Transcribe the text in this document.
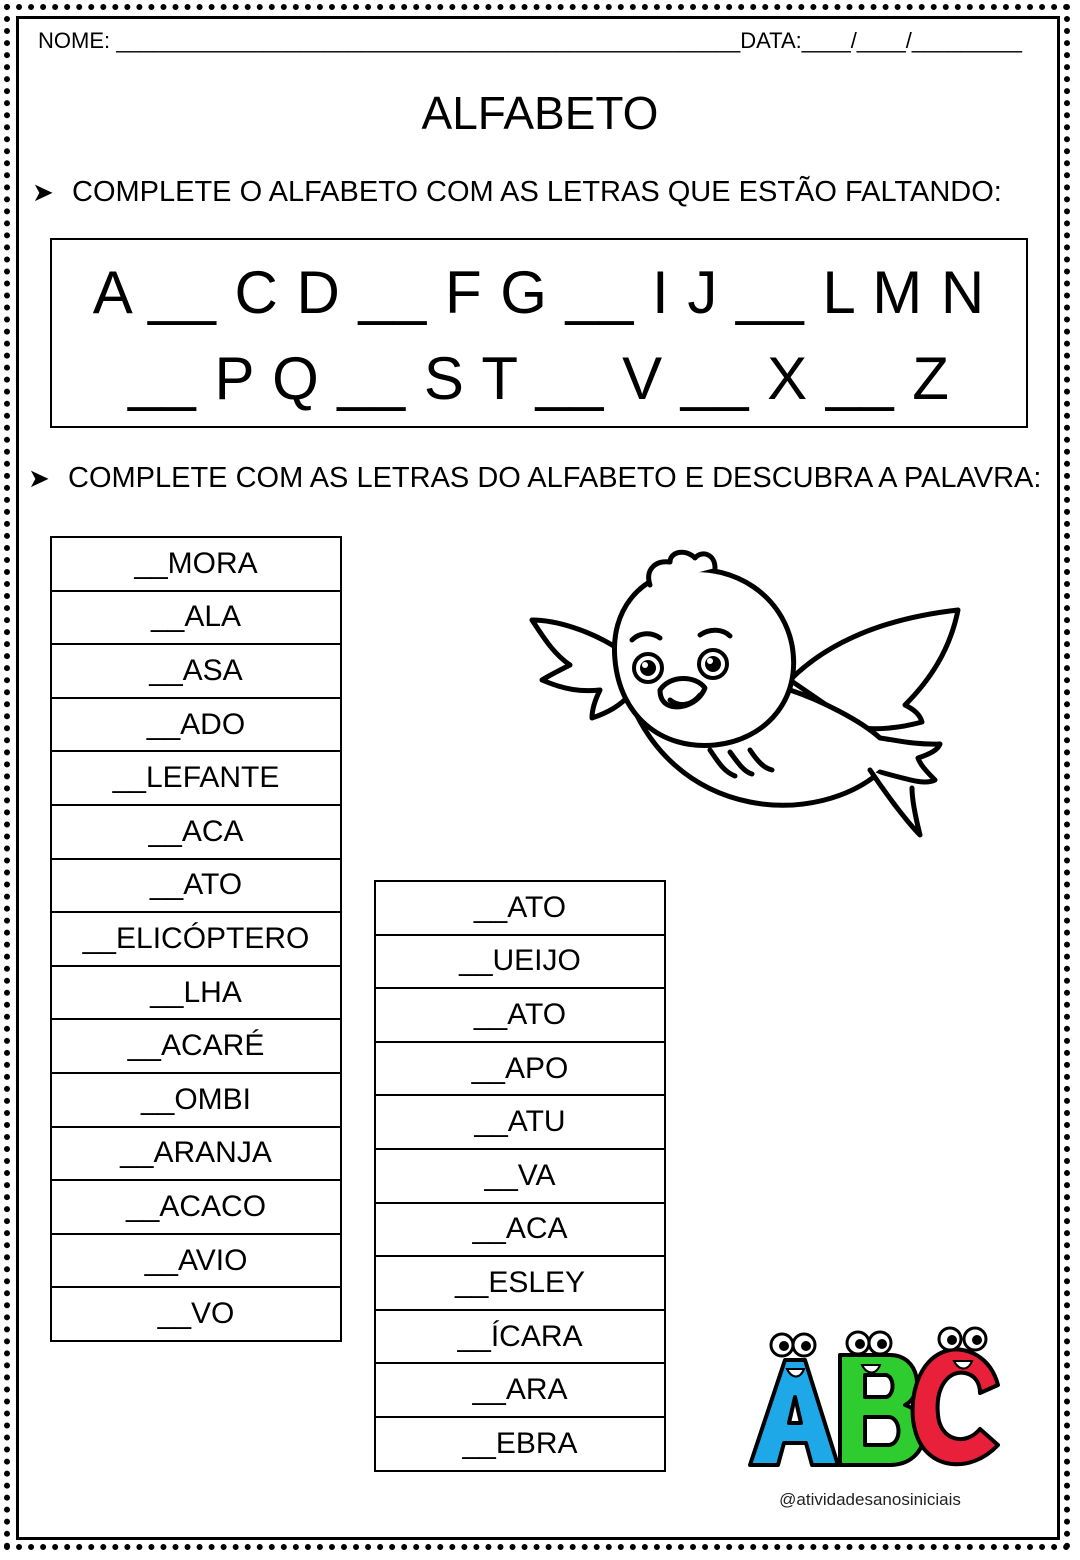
NOME: ___________________________________________________DATA:____/____/_________
ALFABETO
➤ COMPLETE O ALFABETO COM AS LETRAS QUE ESTÃO FALTANDO:
A __ C D __ F G __ I J __ L M N
__ P Q __ S T __ V __ X __ Z
➤ COMPLETE COM AS LETRAS DO ALFABETO E DESCUBRA A PALAVRA:
__MORA
__ALA
__ASA
__ADO
__LEFANTE
__ACA
__ATO
__ELICÓPTERO
__LHA
__ACARÉ
__OMBI
__ARANJA
__ACACO
__AVIO
__VO
__ATO
__UEIJO
__ATO
__APO
__ATU
__VA
__ACA
__ESLEY
__ÍCARA
__ARA
__EBRA
@atividadesanosiniciais
